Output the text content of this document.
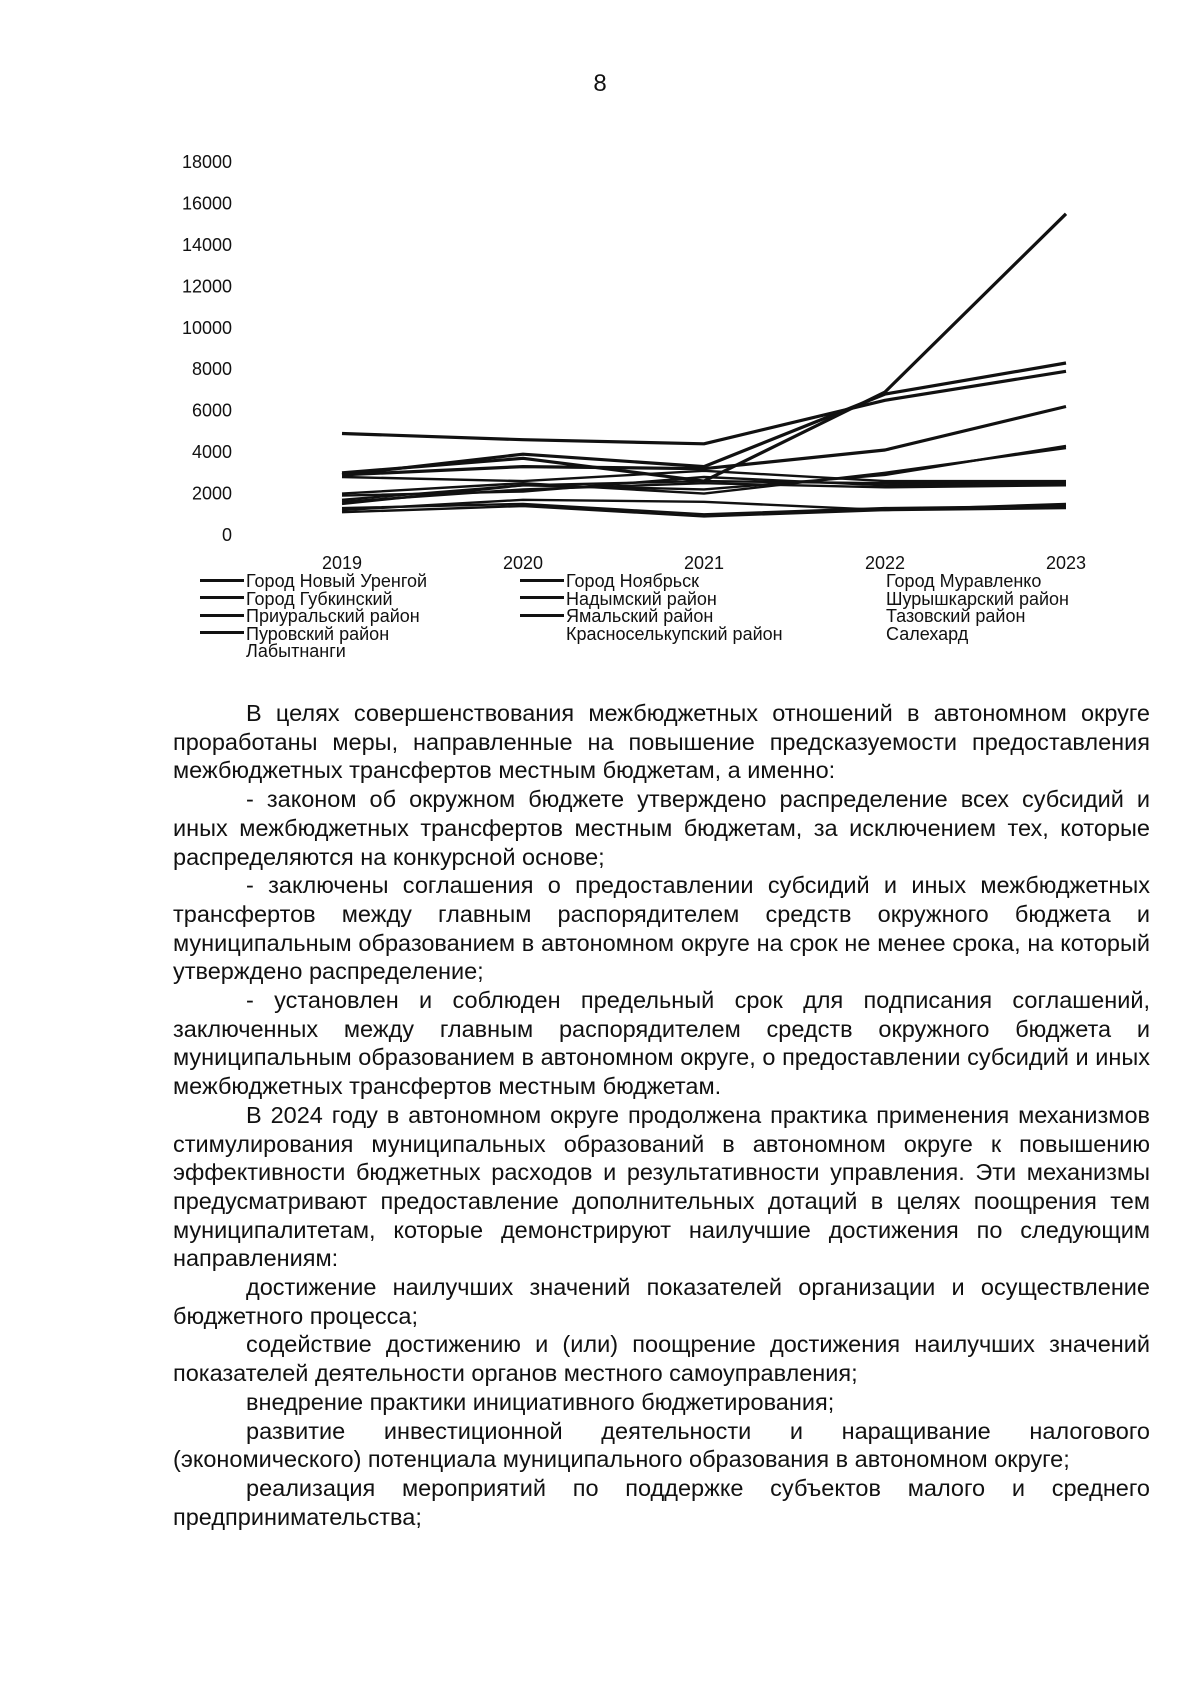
8
0
2000
4000
6000
8000
10000
12000
14000
16000
18000
2019	2020	2021	2022	2023
Город Новый Уренгой	Город Ноябрьск	Город Муравленко
Город Губкинский	Надымский район	Шурышкарский район
Приуральский район	Ямальский район	Тазовский район
Пуровский район	Красноселькупский район	Салехард
Лабытнанги

В целях совершенствования межбюджетных отношений в автономном округе проработаны меры, направленные на повышение предсказуемости предоставления межбюджетных трансфертов местным бюджетам, а именно:

- законом об окружном бюджете утверждено распределение всех субсидий и иных межбюджетных трансфертов местным бюджетам, за исключением тех, которые распределяются на конкурсной основе;

- заключены соглашения о предоставлении субсидий и иных межбюджетных трансфертов между главным распорядителем средств окружного бюджета и муниципальным образованием в автономном округе на срок не менее срока, на который утверждено распределение;

- установлен и соблюден предельный срок для подписания соглашений, заключенных между главным распорядителем средств окружного бюджета и муниципальным образованием в автономном округе, о предоставлении субсидий и иных межбюджетных трансфертов местным бюджетам.

В 2024 году в автономном округе продолжена практика применения механизмов стимулирования муниципальных образований в автономном округе к повышению эффективности бюджетных расходов и результативности управления. Эти механизмы предусматривают предоставление дополнительных дотаций в целях поощрения тем муниципалитетам, которые демонстрируют наилучшие достижения по следующим направлениям:

достижение наилучших значений показателей организации и осуществление бюджетного процесса;

содействие достижению и (или) поощрение достижения наилучших значений показателей деятельности органов местного самоуправления;

внедрение практики инициативного бюджетирования;

развитие инвестиционной деятельности и наращивание налогового (экономического) потенциала муниципального образования в автономном округе;

реализация мероприятий по поддержке субъектов малого и среднего предпринимательства;
